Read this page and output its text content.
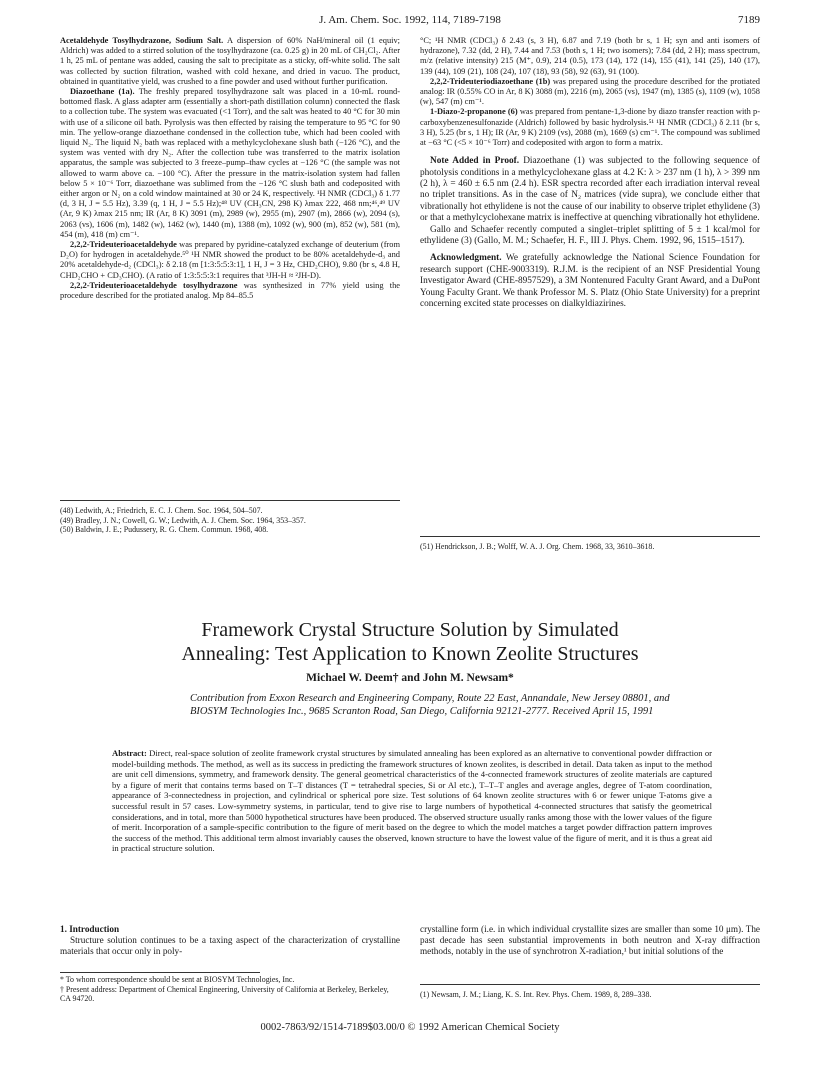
J. Am. Chem. Soc. 1992, 114, 7189-7198	7189

Acetaldehyde Tosylhydrazone, Sodium Salt. A dispersion of 60% NaH/mineral oil (1 equiv; Aldrich) was added to a stirred solution of the tosylhydrazone (ca. 0.25 g) in 20 mL of CH₂Cl₂. After 1 h, 25 mL of pentane was added, causing the salt to precipitate as a sticky, off-white solid. The salt was collected by suction filtration, washed with cold hexane, and dried in vacuo. The product, obtained in quantitative yield, was crushed to a fine powder and used without further purification.

Diazoethane (1a). The freshly prepared tosylhydrazone salt was placed in a 10-mL round-bottomed flask. A glass adapter arm (essentially a short-path distillation column) connected the flask to a collection tube. The system was evacuated (<1 Torr), and the salt was heated to 40 °C for 30 min with use of a silicone oil bath. Pyrolysis was then effected by raising the temperature to 95 °C for 90 min. The yellow-orange diazoethane condensed in the collection tube, which had been cooled with liquid N₂. The liquid N₂ bath was replaced with a methylcyclohexane slush bath (−126 °C), and the system was vented with dry N₂. After the collection tube was transferred to the matrix isolation apparatus, the sample was subjected to 3 freeze–pump–thaw cycles at −126 °C (the sample was not allowed to warm above ca. −100 °C). After the pressure in the matrix-isolation system had fallen below 5 × 10⁻⁶ Torr, diazoethane was sublimed from the −126 °C slush bath and codeposited with either argon or N₂ on a cold window maintained at 30 or 24 K, respectively. ¹H NMR (CDCl₃) δ 1.77 (d, 3 H, J = 5.5 Hz), 3.39 (q, 1 H, J = 5.5 Hz);⁴⁸ UV (CH₃CN, 298 K) λmax 222, 468 nm;⁴⁶,⁴⁹ UV (Ar, 9 K) λmax 215 nm; IR (Ar, 8 K) 3091 (m), 2989 (w), 2955 (m), 2907 (m), 2866 (w), 2094 (s), 2063 (vs), 1606 (m), 1482 (w), 1462 (w), 1440 (m), 1388 (m), 1092 (w), 900 (m), 852 (w), 581 (m), 454 (m), 418 (m) cm⁻¹.

2,2,2-Trideuterioacetaldehyde was prepared by pyridine-catalyzed exchange of deuterium (from D₂O) for hydrogen in acetaldehyde.⁵⁰ ¹H NMR showed the product to be 80% acetaldehyde-d₃ and 20% acetaldehyde-d₂ (CDCl₃): δ 2.18 (m [1:3:5:5:3:1], 1 H, J = 3 Hz, CHD₂CHO), 9.80 (br s, 4.8 H, CHD₂CHO + CD₃CHO). (A ratio of 1:3:5:5:3:1 requires that ³JH-H ≈ ²JH-D).

2,2,2-Trideuterioacetaldehyde tosylhydrazone was synthesized in 77% yield using the procedure described for the protiated analog. Mp 84–85.5

(48) Ledwith, A.; Friedrich, E. C. J. Chem. Soc. 1964, 504–507.
(49) Bradley, J. N.; Cowell, G. W.; Ledwith, A. J. Chem. Soc. 1964, 353–357.
(50) Baldwin, J. E.; Pudussery, R. G. Chem. Commun. 1968, 408.

°C; ¹H NMR (CDCl₃) δ 2.43 (s, 3 H), 6.87 and 7.19 (both br s, 1 H; syn and anti isomers of hydrazone), 7.32 (dd, 2 H), 7.44 and 7.53 (both s, 1 H; two isomers); 7.84 (dd, 2 H); mass spectrum, m/z (relative intensity) 215 (M⁺, 0.9), 214 (0.5), 173 (14), 172 (14), 155 (41), 141 (25), 140 (17), 139 (44), 109 (21), 108 (24), 107 (18), 93 (58), 92 (63), 91 (100).

2,2,2-Trideuteriodiazoethane (1b) was prepared using the procedure described for the protiated analog: IR (0.55% CO in Ar, 8 K) 3088 (m), 2216 (m), 2065 (vs), 1947 (m), 1385 (s), 1109 (w), 1058 (w), 547 (m) cm⁻¹.

1-Diazo-2-propanone (6) was prepared from pentane-1,3-dione by diazo transfer reaction with p-carboxybenzenesulfonazide (Aldrich) followed by basic hydrolysis.⁵¹ ¹H NMR (CDCl₃) δ 2.11 (br s, 3 H), 5.25 (br s, 1 H); IR (Ar, 9 K) 2109 (vs), 2088 (m), 1669 (s) cm⁻¹. The compound was sublimed at −63 °C (<5 × 10⁻⁶ Torr) and codeposited with argon to form a matrix.

Note Added in Proof. Diazoethane (1) was subjected to the following sequence of photolysis conditions in a methylcyclohexane glass at 4.2 K: λ > 237 nm (1 h), λ > 399 nm (2 h), λ = 460 ± 6.5 nm (2.4 h). ESR spectra recorded after each irradiation interval reveal no triplet transitions. As in the case of N₂ matrices (vide supra), we conclude either that vibrationally hot ethylidene is not the cause of our inability to observe triplet ethylidene (3) or that a methylcyclohexane matrix is ineffective at quenching vibrationally hot ethylidene.

Gallo and Schaefer recently computed a singlet–triplet splitting of 5 ± 1 kcal/mol for ethylidene (3) (Gallo, M. M.; Schaefer, H. F., III J. Phys. Chem. 1992, 96, 1515–1517).

Acknowledgment. We gratefully acknowledge the National Science Foundation for research support (CHE-9003319). R.J.M. is the recipient of an NSF Presidential Young Investigator Award (CHE-8957529), a 3M Nontenured Faculty Grant Award, and a DuPont Young Faculty Grant. We thank Professor M. S. Platz (Ohio State University) for a preprint concerning excited state processes on dialkyldiazirines.

(51) Hendrickson, J. B.; Wolff, W. A. J. Org. Chem. 1968, 33, 3610–3618.
Framework Crystal Structure Solution by Simulated
Annealing: Test Application to Known Zeolite Structures
Michael W. Deem† and John M. Newsam*
Contribution from Exxon Research and Engineering Company, Route 22 East, Annandale, New Jersey 08801, and BIOSYM Technologies Inc., 9685 Scranton Road, San Diego, California 92121-2777. Received April 15, 1991
Abstract: Direct, real-space solution of zeolite framework crystal structures by simulated annealing has been explored as an alternative to conventional powder diffraction or model-building methods. The method, as well as its success in predicting the framework structures of known zeolites, is described in detail. Data taken as input to the method are unit cell dimensions, symmetry, and framework density. The general geometrical characteristics of the 4-connected framework structures of zeolite materials are captured by a figure of merit that contains terms based on T–T distances (T = tetrahedral species, Si or Al etc.), T–T–T angles and average angles, degree of T-atom coordination, appearance of 3-connectedness in projection, and cylindrical or spherical pore size. Test solutions of 64 known zeolite structures with 6 or fewer unique T-atoms give a successful result in 57 cases. Low-symmetry systems, in particular, tend to give rise to large numbers of hypothetical 4-connected structures that satisfy the geometrical considerations, and in total, more than 5000 hypothetical structures have been produced. The observed structure usually ranks among those with the lower values of the figure of merit. Incorporation of a sample-specific contribution to the figure of merit based on the degree to which the model matches a target powder diffraction pattern improves the success of the method. This additional term almost invariably causes the observed, known structure to have the lowest value of the figure of merit, and it is thus a great aid in practical structure solution.
1. Introduction
Structure solution continues to be a taxing aspect of the characterization of crystalline materials that occur only in poly-
crystalline form (i.e. in which individual crystallite sizes are smaller than some 10 μm). The past decade has seen substantial improvements in both neutron and X-ray diffraction methods, notably in the use of synchrotron X-radiation,¹ but initial solutions of the
* To whom correspondence should be sent at BIOSYM Technologies, Inc.
† Present address: Department of Chemical Engineering, University of California at Berkeley, Berkeley, CA 94720.	(1) Newsam, J. M.; Liang, K. S. Int. Rev. Phys. Chem. 1989, 8, 289–338.
0002-7863/92/1514-7189$03.00/0 © 1992 American Chemical Society
